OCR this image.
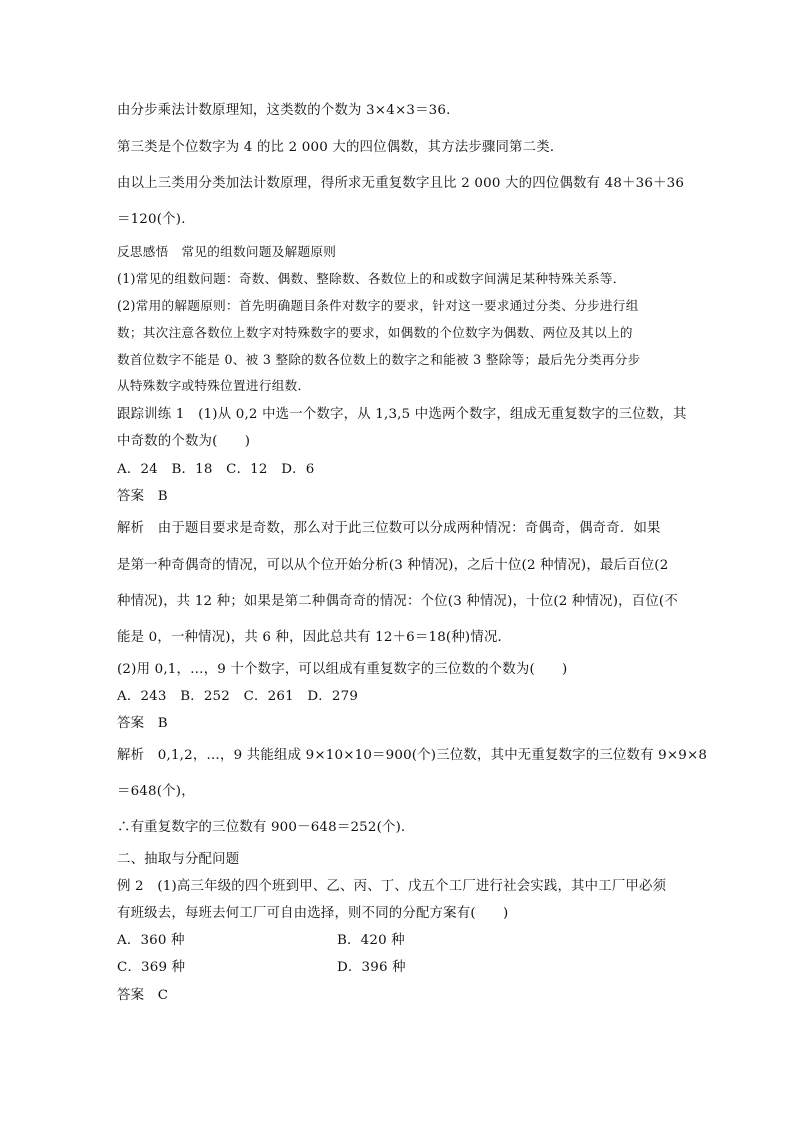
由分步乘法计数原理知，这类数的个数为 3×4×3＝36.
第三类是个位数字为 4 的比 2 000 大的四位偶数，其方法步骤同第二类．
由以上三类用分类加法计数原理，得所求无重复数字且比 2 000 大的四位偶数有 48＋36＋36
＝120(个)．
反思感悟　常见的组数问题及解题原则
(1)常见的组数问题：奇数、偶数、整除数、各数位上的和或数字间满足某种特殊关系等．
(2)常用的解题原则：首先明确题目条件对数字的要求，针对这一要求通过分类、分步进行组
数；其次注意各数位上数字对特殊数字的要求，如偶数的个位数字为偶数、两位及其以上的
数首位数字不能是 0、被 3 整除的数各位数上的数字之和能被 3 整除等；最后先分类再分步
从特殊数字或特殊位置进行组数．
跟踪训练 1　(1)从 0,2 中选一个数字，从 1,3,5 中选两个数字，组成无重复数字的三位数，其
中奇数的个数为(　　)
A．24　B．18　C．12　D．6
答案　B
解析　由于题目要求是奇数，那么对于此三位数可以分成两种情况：奇偶奇，偶奇奇．如果
是第一种奇偶奇的情况，可以从个位开始分析(3 种情况)，之后十位(2 种情况)，最后百位(2
种情况)，共 12 种；如果是第二种偶奇奇的情况：个位(3 种情况)，十位(2 种情况)，百位(不
能是 0，一种情况)，共 6 种，因此总共有 12＋6＝18(种)情况．
(2)用 0,1，…，9 十个数字，可以组成有重复数字的三位数的个数为(　　)
A．243　B．252　C．261　D．279
答案　B
解析　0,1,2，…，9 共能组成 9×10×10＝900(个)三位数，其中无重复数字的三位数有 9×9×8
＝648(个)，
∴有重复数字的三位数有 900－648＝252(个)．
二、抽取与分配问题
例 2　(1)高三年级的四个班到甲、乙、丙、丁、戊五个工厂进行社会实践，其中工厂甲必须
有班级去，每班去何工厂可自由选择，则不同的分配方案有(　　)
A．360 种	B．420 种
C．369 种	D．396 种
答案　C
